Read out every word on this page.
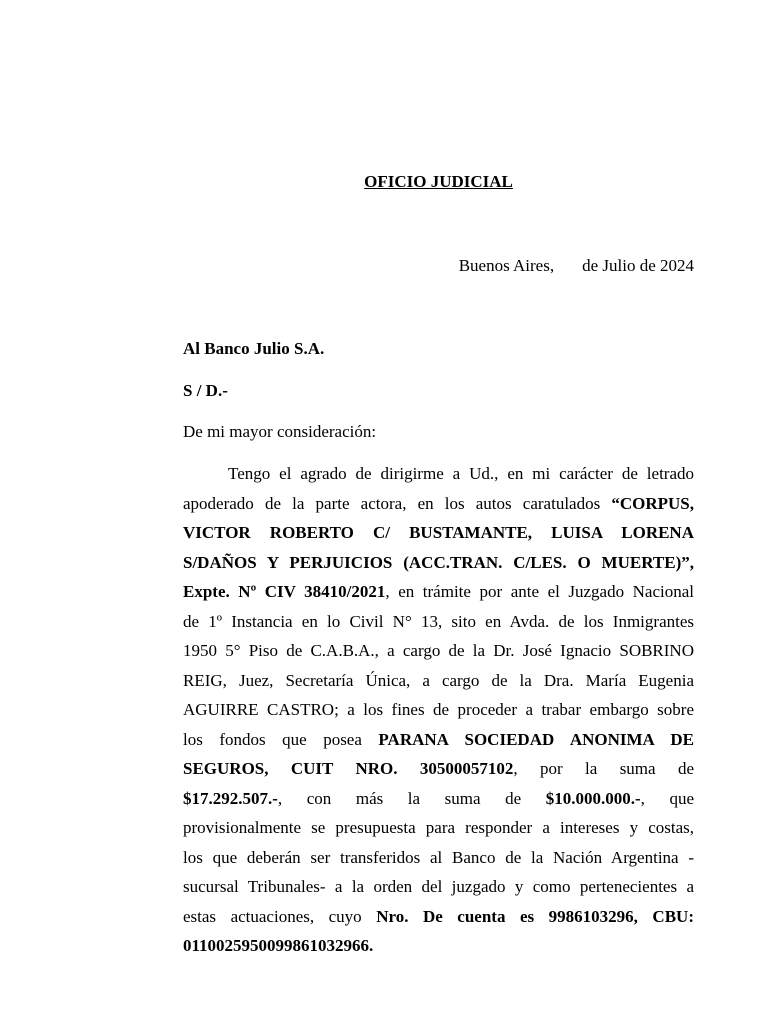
OFICIO JUDICIAL
Buenos Aires, de Julio de 2024
Al Banco Julio S.A.
S / D.-
De mi mayor consideración:
Tengo el agrado de dirigirme a Ud., en mi carácter de letrado
apoderado de la parte actora, en los autos caratulados “CORPUS,
VICTOR ROBERTO C/ BUSTAMANTE, LUISA LORENA
S/DAÑOS Y PERJUICIOS (ACC.TRAN. C/LES. O MUERTE)”,
Expte. Nº CIV 38410/2021, en trámite por ante el Juzgado Nacional
de 1º Instancia en lo Civil N° 13, sito en Avda. de los Inmigrantes
1950 5° Piso de C.A.B.A., a cargo de la Dr. José Ignacio SOBRINO
REIG, Juez, Secretaría Única, a cargo de la Dra. María Eugenia
AGUIRRE CASTRO; a los fines de proceder a trabar embargo sobre
los fondos que posea PARANA SOCIEDAD ANONIMA DE
SEGUROS, CUIT NRO. 30500057102, por la suma de
$17.292.507.-, con más la suma de $10.000.000.-, que
provisionalmente se presupuesta para responder a intereses y costas,
los que deberán ser transferidos al Banco de la Nación Argentina -
sucursal Tribunales- a la orden del juzgado y como pertenecientes a
estas actuaciones, cuyo Nro. De cuenta es 9986103296, CBU:
0110025950099861032966.
